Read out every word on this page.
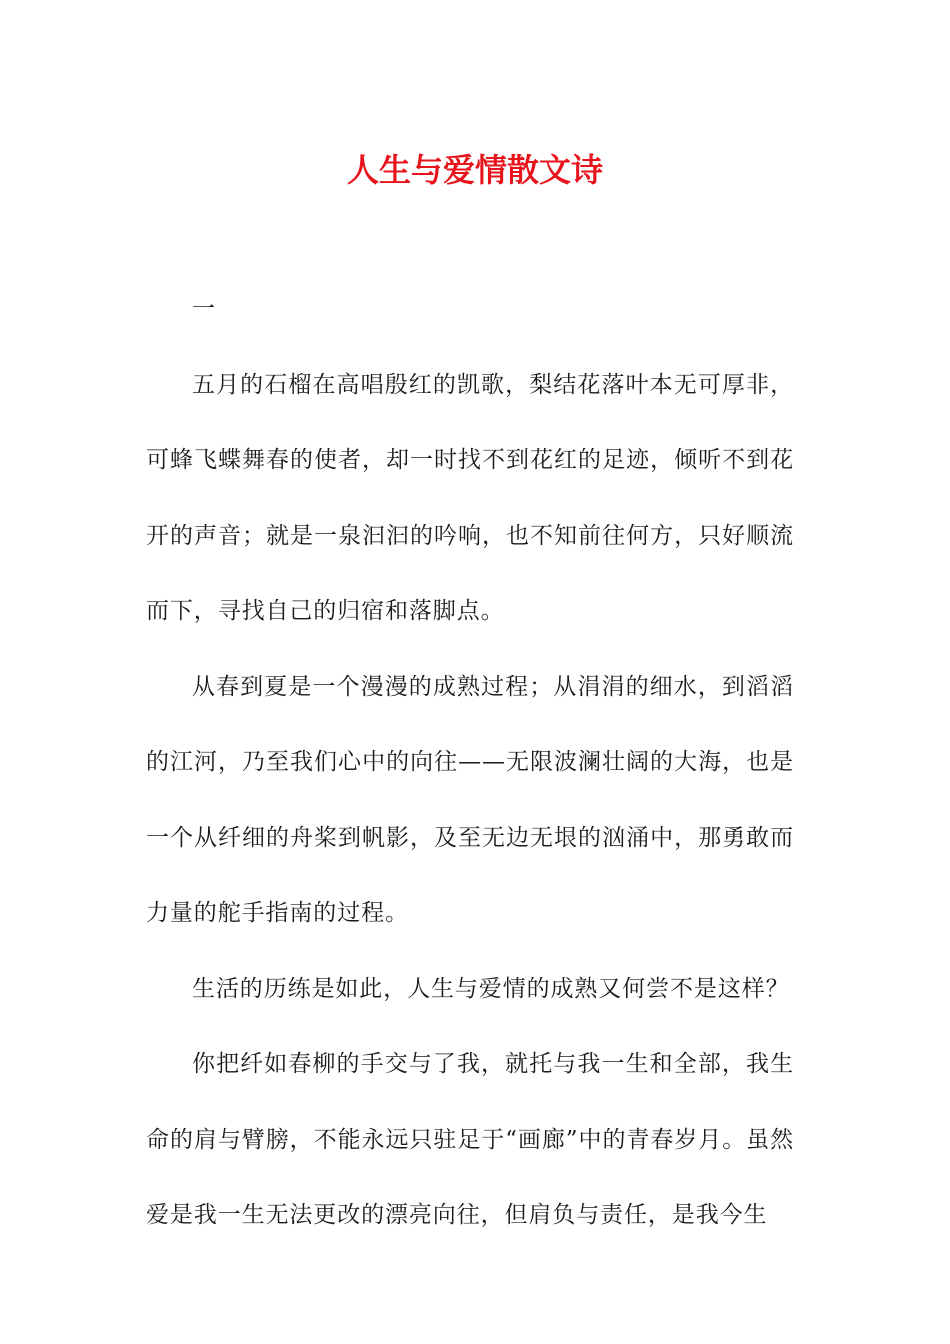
人生与爱情散文诗

一

五月的石榴在高唱殷红的凯歌，梨结花落叶本无可厚非，可蜂飞蝶舞春的使者，却一时找不到花红的足迹，倾听不到花开的声音；就是一泉汩汩的吟响，也不知前往何方，只好顺流而下，寻找自己的归宿和落脚点。

从春到夏是一个漫漫的成熟过程；从涓涓的细水，到滔滔的江河，乃至我们心中的向往——无限波澜壮阔的大海，也是一个从纤细的舟桨到帆影，及至无边无垠的汹涌中，那勇敢而力量的舵手指南的过程。

生活的历练是如此，人生与爱情的成熟又何尝不是这样？

你把纤如春柳的手交与了我，就托与我一生和全部，我生命的肩与臂膀，不能永远只驻足于“画廊”中的青春岁月。虽然爱是我一生无法更改的漂亮向往，但肩负与责任，是我今生
